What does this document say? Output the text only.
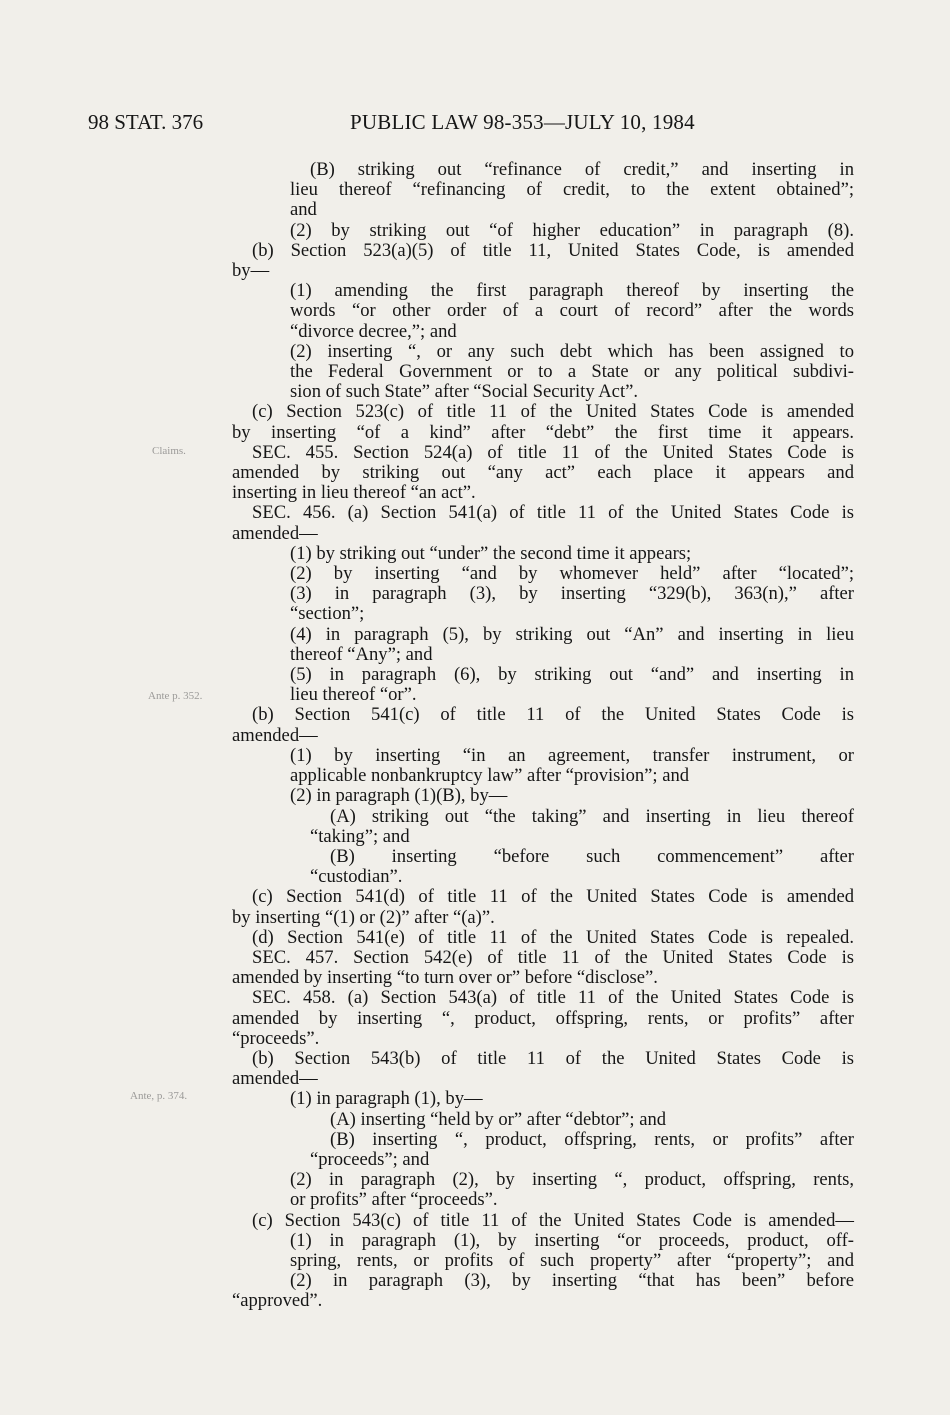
98 STAT. 376	PUBLIC LAW 98-353—JULY 10, 1984
Claims.
Ante p. 352.
Ante, p. 374.
(B) striking out “refinance of credit,” and inserting in
lieu thereof “refinancing of credit, to the extent obtained”;
and
(2) by striking out “of higher education” in paragraph (8).
(b) Section 523(a)(5) of title 11, United States Code, is amended
by—
(1) amending the first paragraph thereof by inserting the
words “or other order of a court of record” after the words
“divorce decree,”; and
(2) inserting “, or any such debt which has been assigned to
the Federal Government or to a State or any political subdivi-
sion of such State” after “Social Security Act”.
(c) Section 523(c) of title 11 of the United States Code is amended
by inserting “of a kind” after “debt” the first time it appears.
SEC. 455. Section 524(a) of title 11 of the United States Code is
amended by striking out “any act” each place it appears and
inserting in lieu thereof “an act”.
SEC. 456. (a) Section 541(a) of title 11 of the United States Code is
amended—
(1) by striking out “under” the second time it appears;
(2) by inserting “and by whomever held” after “located”;
(3) in paragraph (3), by inserting “329(b), 363(n),” after
“section”;
(4) in paragraph (5), by striking out “An” and inserting in lieu
thereof “Any”; and
(5) in paragraph (6), by striking out “and” and inserting in
lieu thereof “or”.
(b) Section 541(c) of title 11 of the United States Code is
amended—
(1) by inserting “in an agreement, transfer instrument, or
applicable nonbankruptcy law” after “provision”; and
(2) in paragraph (1)(B), by—
(A) striking out “the taking” and inserting in lieu thereof
“taking”; and
(B) inserting “before such commencement” after
“custodian”.
(c) Section 541(d) of title 11 of the United States Code is amended
by inserting “(1) or (2)” after “(a)”.
(d) Section 541(e) of title 11 of the United States Code is repealed.
SEC. 457. Section 542(e) of title 11 of the United States Code is
amended by inserting “to turn over or” before “disclose”.
SEC. 458. (a) Section 543(a) of title 11 of the United States Code is
amended by inserting “, product, offspring, rents, or profits” after
“proceeds”.
(b) Section 543(b) of title 11 of the United States Code is
amended—
(1) in paragraph (1), by—
(A) inserting “held by or” after “debtor”; and
(B) inserting “, product, offspring, rents, or profits” after
“proceeds”; and
(2) in paragraph (2), by inserting “, product, offspring, rents,
or profits” after “proceeds”.
(c) Section 543(c) of title 11 of the United States Code is amended—
(1) in paragraph (1), by inserting “or proceeds, product, off-
spring, rents, or profits of such property” after “property”; and
(2) in paragraph (3), by inserting “that has been” before
“approved”.
